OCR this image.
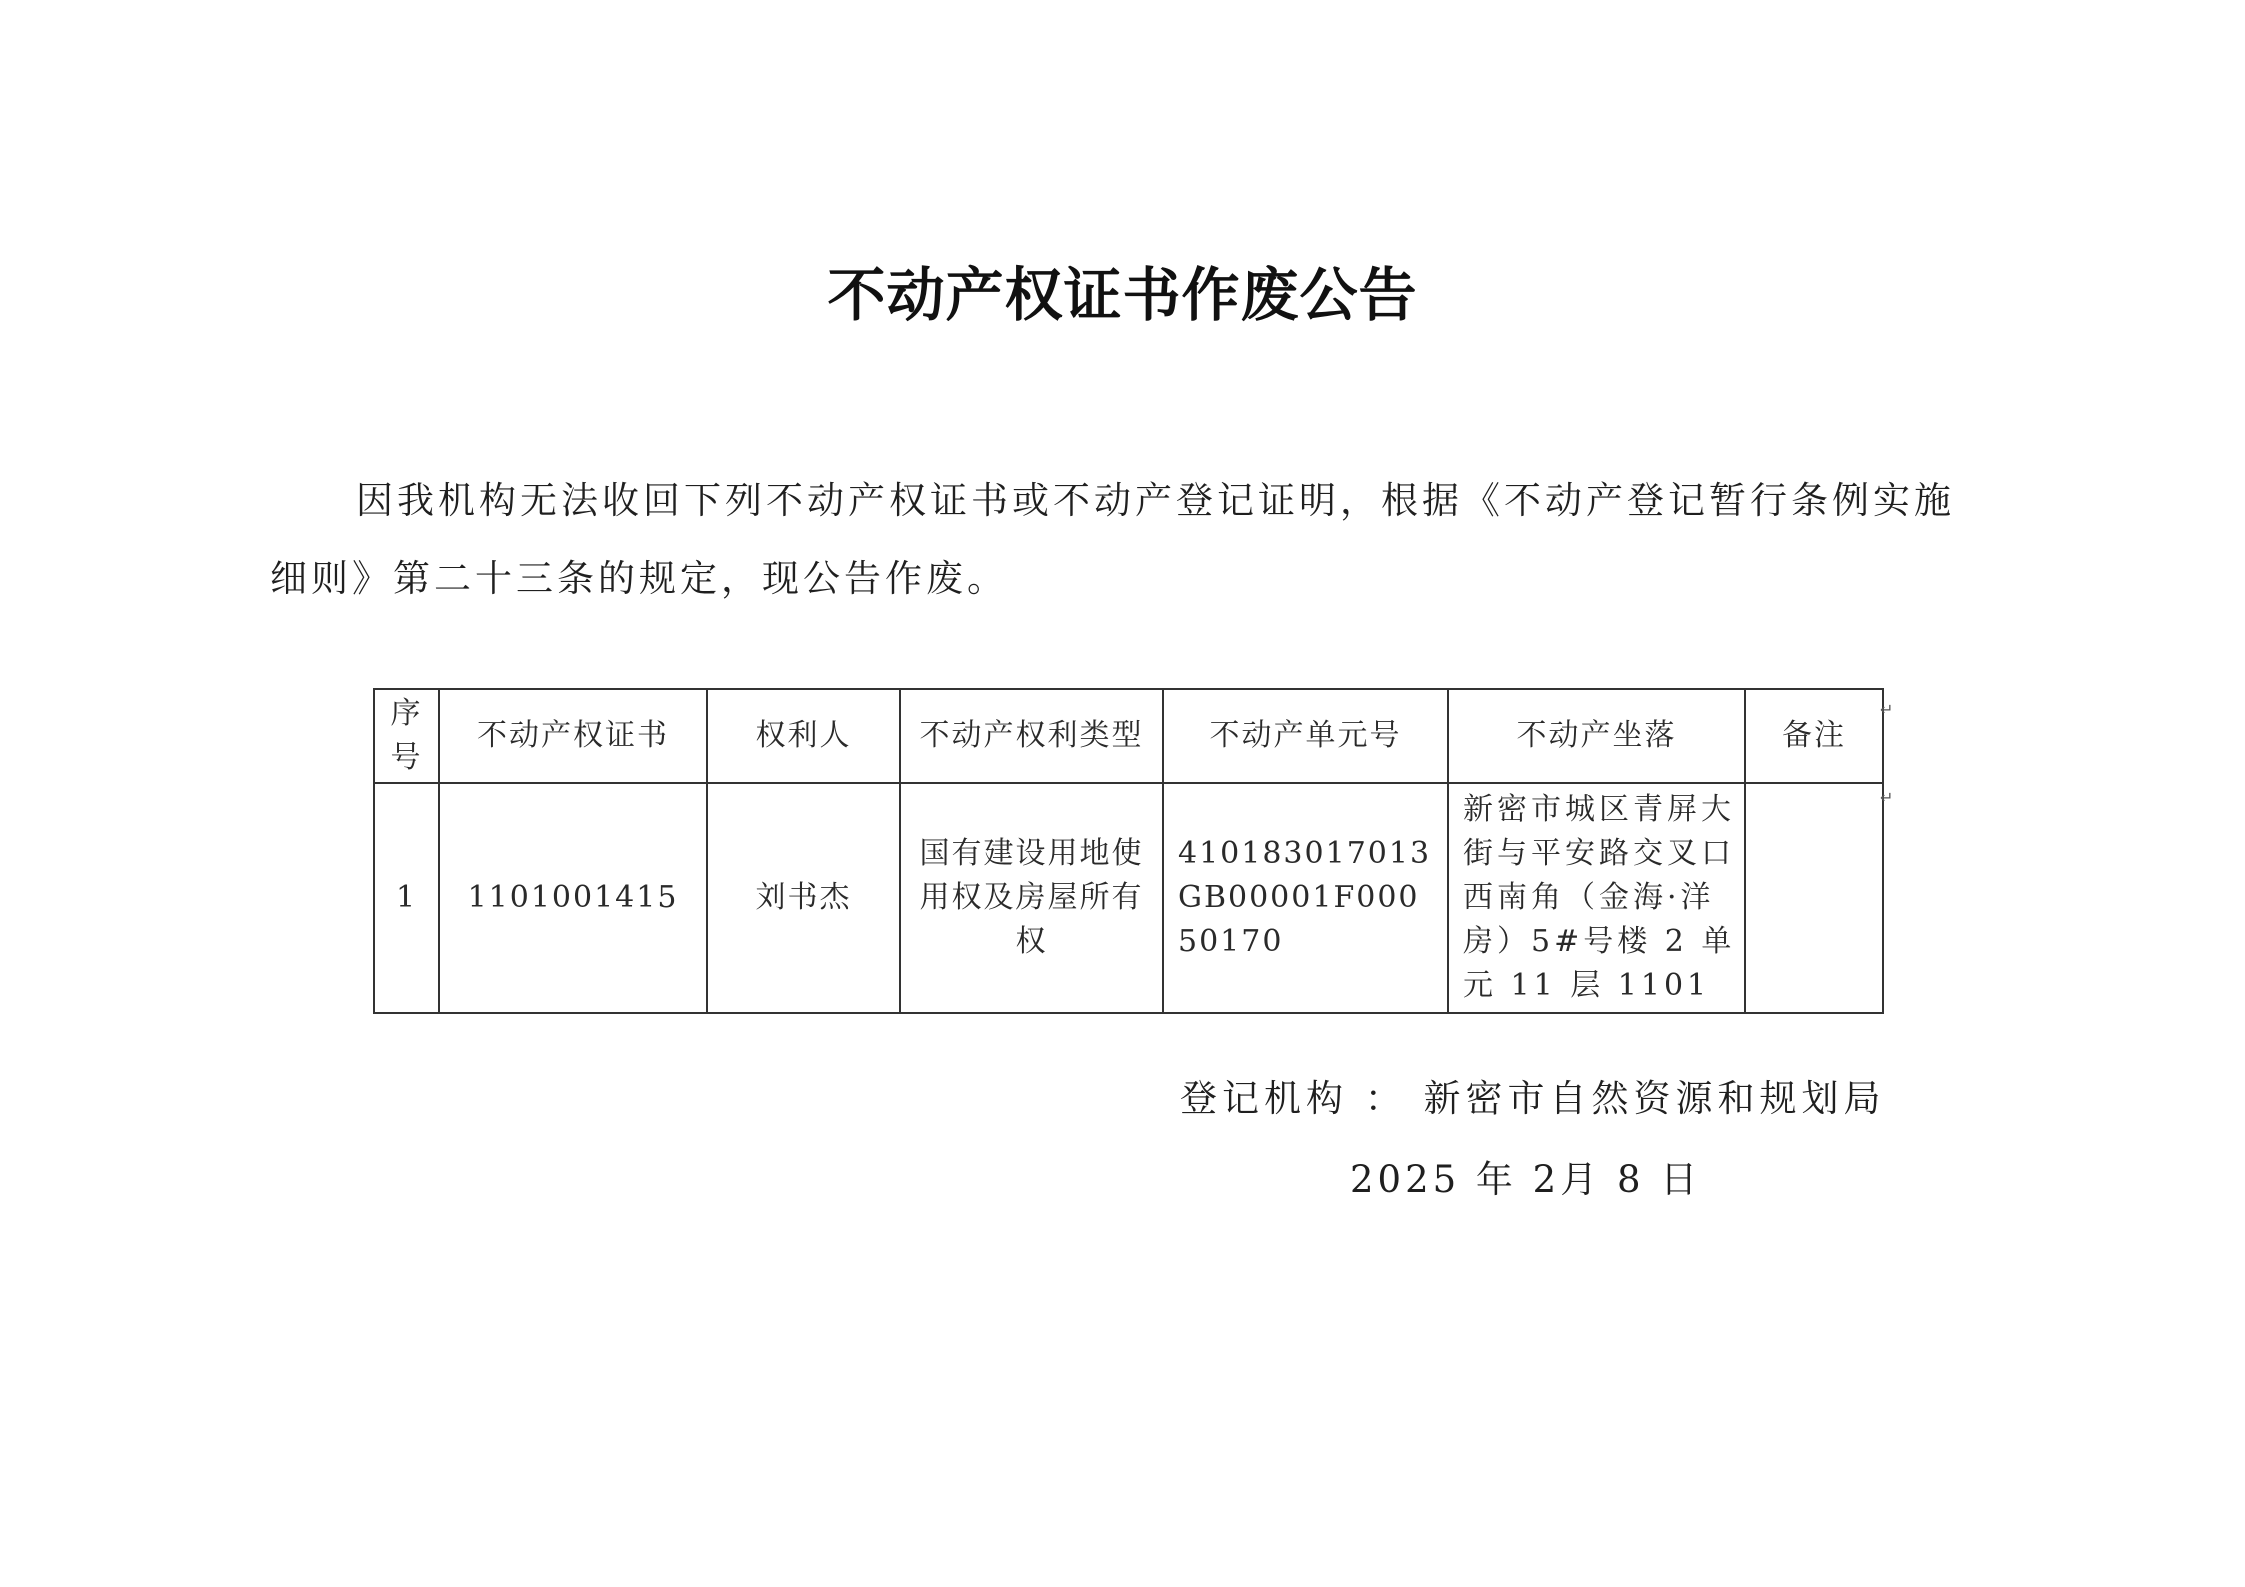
不动产权证书作废公告
因我机构无法收回下列不动产权证书或不动产登记证明，根据《不动产登记暂行条例实施细则》第二十三条的规定，现公告作废。
序号	不动产权证书	权利人	不动产权利类型	不动产单元号	不动产坐落	备注
1	1101001415	刘书杰	国有建设用地使用权及房屋所有权	410183017013GB00001F00050170	新密市城区青屏大街与平安路交叉口西南角（金海·洋房）5#号楼 2 单元 11 层 1101	
↵
↵
登记机构 ： 新密市自然资源和规划局
2025 年 2月 8 日
